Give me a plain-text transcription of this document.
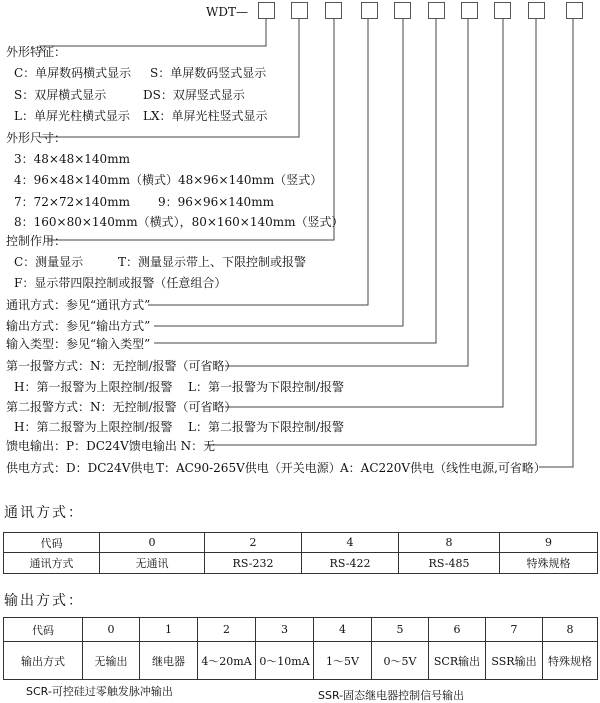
WDT—
外形特征：
C：单屏数码横式显示 S：单屏数码竖式显示
S：双屏横式显示	DS：双屏竖式显示
L：单屏光柱横式显示 LX：单屏光柱竖式显示
外形尺寸：
3：48×48×140mm
4：96×48×140mm（横式）48×96×140mm（竖式）
7：72×72×140mm 9：96×96×140mm
8：160×80×140mm（横式），80×160×140mm（竖式）
控制作用：
C：测量显示	T：测量显示带上、下限控制或报警
F：显示带四限控制或报警（任意组合）
通讯方式：参见“通讯方式”
输出方式：参见“输出方式”
输入类型：参见“输入类型”
第一报警方式：N：无控制/报警（可省略）
H：第一报警为上限控制/报警 L：第一报警为下限控制/报警
第二报警方式：N：无控制/报警（可省略）
H：第二报警为上限控制/报警 L：第二报警为下限控制/报警
馈电输出：P：DC24V馈电输出 N：无
供电方式：D：DC24V供电 T：AC90-265V供电（开关电源） A：AC220V供电（线性电源,可省略）
通讯方式：
代码	0	2	4	8	9
通讯方式	无通讯	RS-232	RS-422	RS-485	特殊规格
输出方式：
代码	0	1	2	3	4	5	6	7	8
输出方式	无输出	继电器	4～20mA	0～10mA	1～5V	0～5V	SCR输出	SSR输出	特殊规格
SCR-可控硅过零触发脉冲输出	SSR-固态继电器控制信号输出
